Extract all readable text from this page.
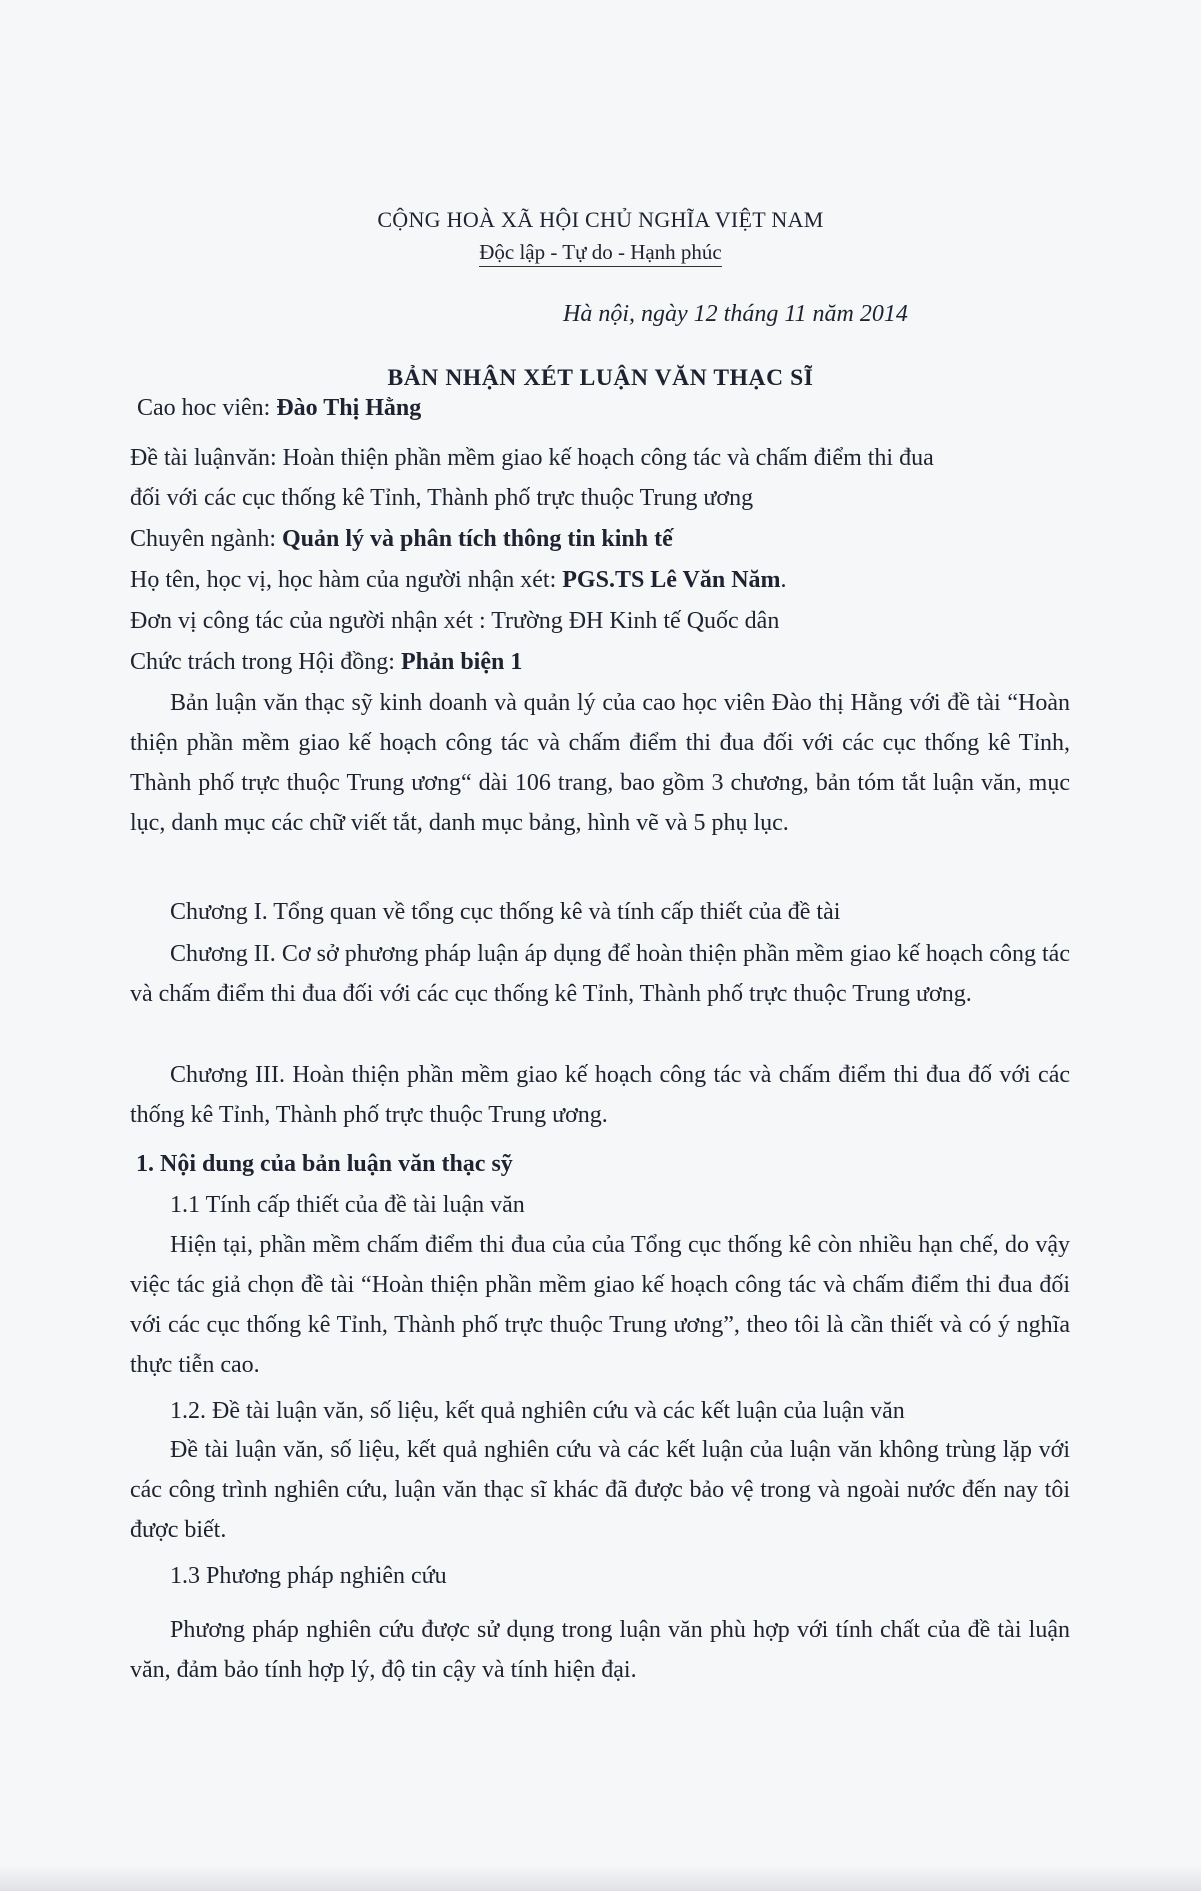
CỘNG HOÀ XÃ HỘI CHỦ NGHĨA VIỆT NAM
Độc lập - Tự do - Hạnh phúc
Hà nội, ngày 12 tháng 11 năm 2014
BẢN NHẬN XÉT LUẬN VĂN THẠC SĨ
Cao hoc viên: Đào Thị Hằng
Đề tài luậnvăn: Hoàn thiện phần mềm giao kế hoạch công tác và chấm điểm thi đua
đối với các cục thống kê Tỉnh, Thành phố trực thuộc Trung ương
Chuyên ngành: Quản lý và phân tích thông tin kinh tế
Họ tên, học vị, học hàm của người nhận xét: PGS.TS Lê Văn Năm.
Đơn vị công tác của người nhận xét : Trường ĐH Kinh tế Quốc dân
Chức trách trong Hội đồng: Phản biện 1
Bản luận văn thạc sỹ kinh doanh và quản lý của cao học viên Đào thị Hằng với đề tài “Hoàn thiện phần mềm giao kế hoạch công tác và chấm điểm thi đua đối với các cục thống kê Tỉnh, Thành phố trực thuộc Trung ương“ dài 106 trang, bao gồm 3 chương, bản tóm tắt luận văn, mục lục, danh mục các chữ viết tắt, danh mục bảng, hình vẽ và 5 phụ lục.
Chương I. Tổng quan về tổng cục thống kê và tính cấp thiết của đề tài
Chương II. Cơ sở phương pháp luận áp dụng để hoàn thiện phần mềm giao kế hoạch công tác và chấm điểm thi đua đối với các cục thống kê Tỉnh, Thành phố trực thuộc Trung ương.
Chương III. Hoàn thiện phần mềm giao kế hoạch công tác và chấm điểm thi đua đố với các thống kê Tỉnh, Thành phố trực thuộc Trung ương.
1. Nội dung của bản luận văn thạc sỹ
1.1 Tính cấp thiết của đề tài luận văn
Hiện tại, phần mềm chấm điểm thi đua của của Tổng cục thống kê còn nhiều hạn chế, do vậy việc tác giả chọn đề tài “Hoàn thiện phần mềm giao kế hoạch công tác và chấm điểm thi đua đối với các cục thống kê Tỉnh, Thành phố trực thuộc Trung ương”, theo tôi là cần thiết và có ý nghĩa thực tiễn cao.
1.2. Đề tài luận văn, số liệu, kết quả nghiên cứu và các kết luận của luận văn
Đề tài luận văn, số liệu, kết quả nghiên cứu và các kết luận của luận văn không trùng lặp với các công trình nghiên cứu, luận văn thạc sĩ khác đã được bảo vệ trong và ngoài nước đến nay tôi được biết.
1.3 Phương pháp nghiên cứu
Phương pháp nghiên cứu được sử dụng trong luận văn phù hợp với tính chất của đề tài luận văn, đảm bảo tính hợp lý, độ tin cậy và tính hiện đại.
